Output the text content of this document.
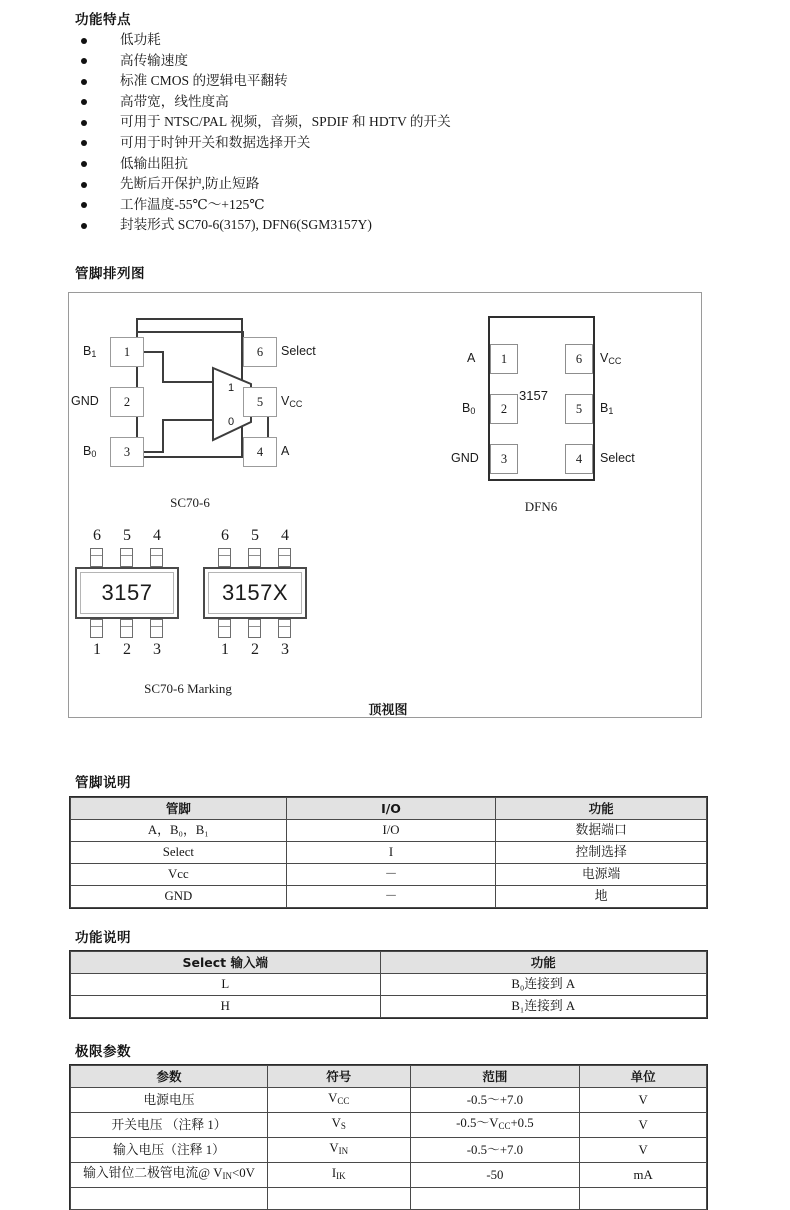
功能特点
低功耗
高传输速度
标准 CMOS 的逻辑电平翻转
高带宽，线性度高
可用于 NTSC/PAL 视频，音频，SPDIF 和 HDTV 的开关
可用于时钟开关和数据选择开关
低输出阻抗
先断后开保护,防止短路
工作温度-55℃～+125℃
封装形式 SC70-6(3157), DFN6(SGM3157Y)
管脚排列图
1
0
1
2
3
6
5
4
$B_1$
GND
$B_0$
Select
$V_{CC}$
A
SC70-6
1
2
3
6
5
4
3157
A
$B_0$
GND
$V_{CC}$
$B_1$
Select
DFN6
6 5 4
3157
1 2 3
6 5 4
3157X
1 2 3
SC70-6 Marking
顶视图
管脚说明
管脚	I/O	功能
A，B₀，B₁	I/O	数据端口
Select	I	控制选择
Vcc	－	电源端
GND	－	地
功能说明
Select 输入端	功能
L	B₀连接到 A
H	B₁连接到 A
极限参数
参数	符号	范围	单位
电源电压	$V_{CC}$	-0.5～+7.0	V
开关电压 （注释 1）	$V_S$	$-0.5\sim V_{CC}+0.5$	V
输入电压（注释 1）	$V_{IN}$	-0.5～+7.0	V
输入钳位二极管电流@ $V_{IN}<0V$	$I_{IK}$	-50	mA
